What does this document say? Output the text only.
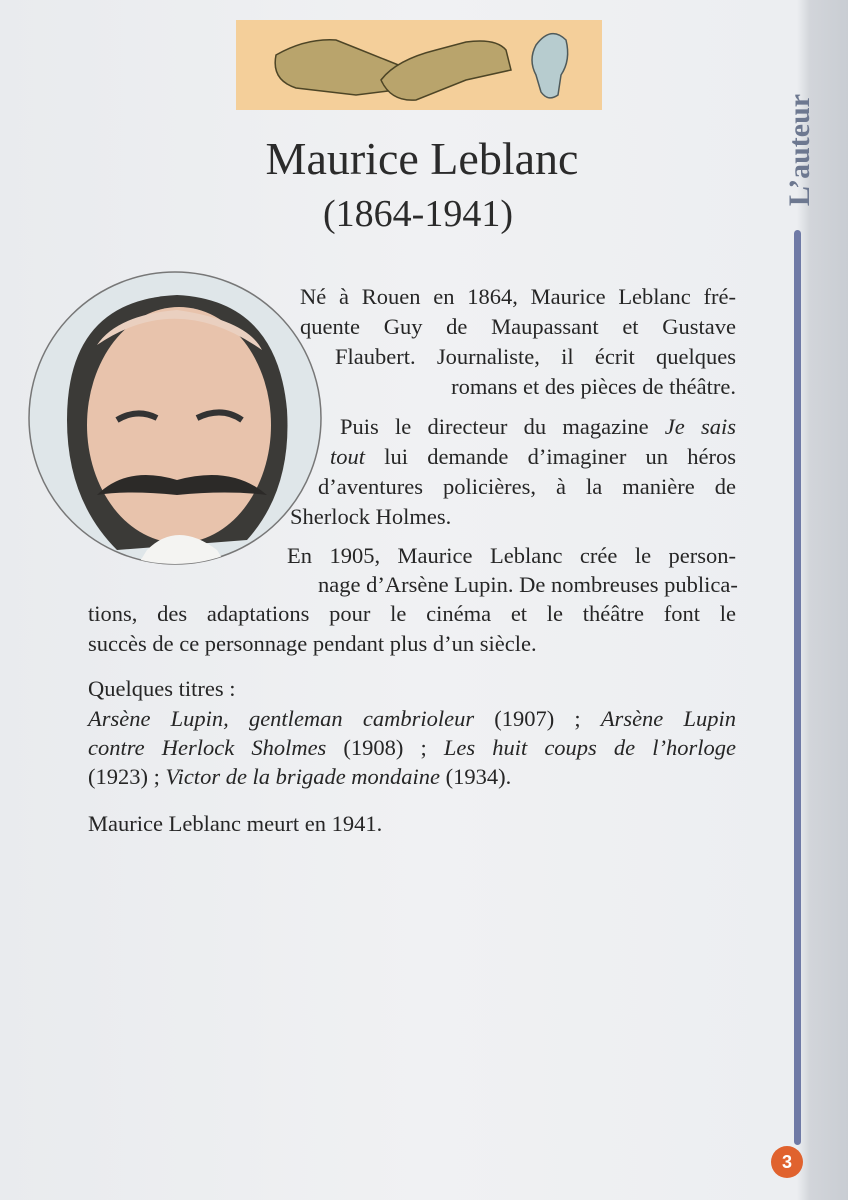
Maurice Leblanc
(1864-1941)
Né à Rouen en 1864, Maurice Leblanc fré-
quente Guy de Maupassant et Gustave
Flaubert. Journaliste, il écrit quelques
romans et des pièces de théâtre.
Puis le directeur du magazine Je sais
tout lui demande d’imaginer un héros
d’aventures policières, à la manière de
Sherlock Holmes.
En 1905, Maurice Leblanc crée le person-
nage d’Arsène Lupin. De nombreuses publica-
tions, des adaptations pour le cinéma et le théâtre font le
succès de ce personnage pendant plus d’un siècle.
Quelques titres :
Arsène Lupin, gentleman cambrioleur (1907) ; Arsène Lupin
contre Herlock Sholmes (1908) ; Les huit coups de l’horloge
(1923) ; Victor de la brigade mondaine (1934).
Maurice Leblanc meurt en 1941.
L’auteur
3
